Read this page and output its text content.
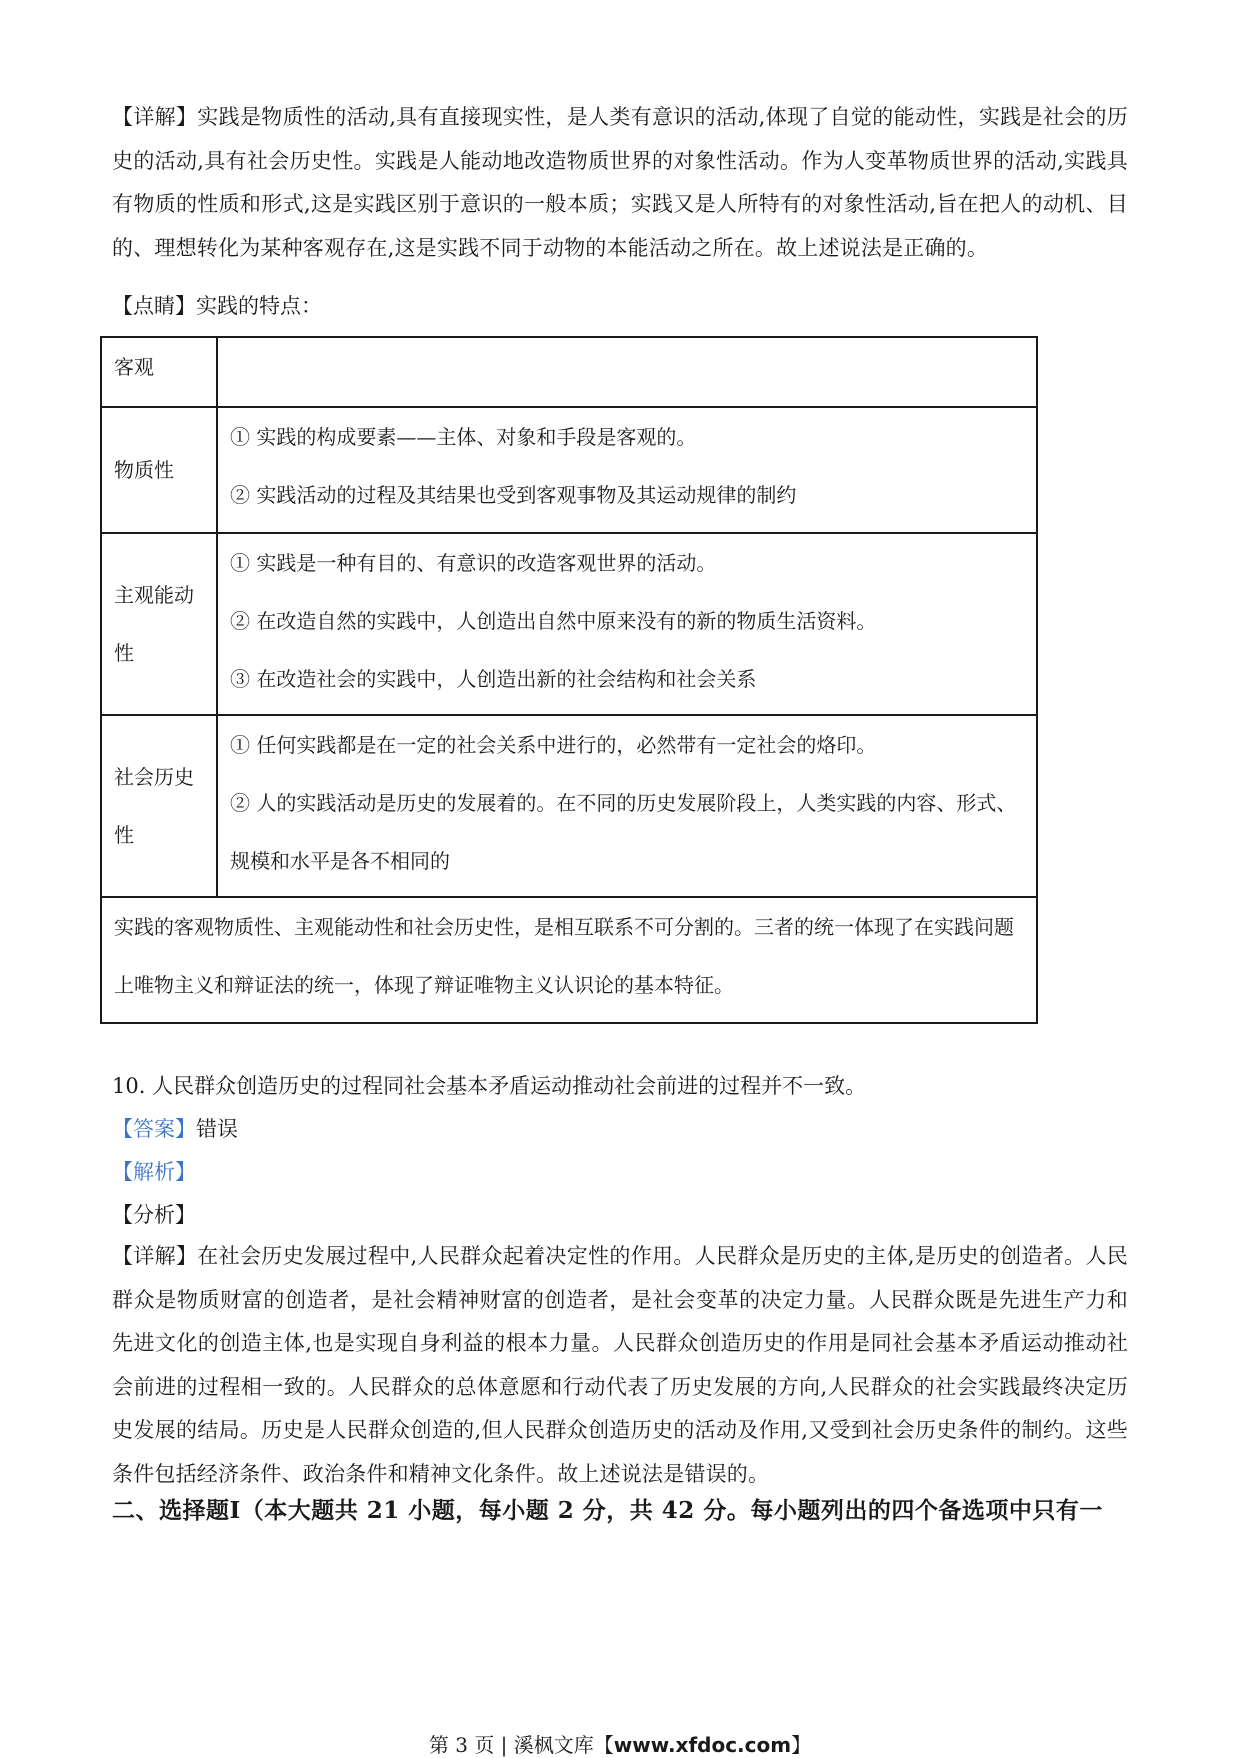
【详解】实践是物质性的活动,具有直接现实性，是人类有意识的活动,体现了自觉的能动性，实践是社会的历史的活动,具有社会历史性。实践是人能动地改造物质世界的对象性活动。作为人变革物质世界的活动,实践具有物质的性质和形式,这是实践区别于意识的一般本质；实践又是人所特有的对象性活动,旨在把人的动机、目的、理想转化为某种客观存在,这是实践不同于动物的本能活动之所在。故上述说法是正确的。
【点睛】实践的特点：
客观	
物质性	① 实践的构成要素——主体、对象和手段是客观的。

② 实践活动的过程及其结果也受到客观事物及其运动规律的制约

主观能动性	① 实践是一种有目的、有意识的改造客观世界的活动。

② 在改造自然的实践中，人创造出自然中原来没有的新的物质生活资料。

③ 在改造社会的实践中，人创造出新的社会结构和社会关系

社会历史性	① 任何实践都是在一定的社会关系中进行的，必然带有一定社会的烙印。

② 人的实践活动是历史的发展着的。在不同的历史发展阶段上，人类实践的内容、形式、规模和水平是各不相同的

实践的客观物质性、主观能动性和社会历史性，是相互联系不可分割的。三者的统一体现了在实践问题上唯物主义和辩证法的统一，体现了辩证唯物主义认识论的基本特征。	
10. 人民群众创造历史的过程同社会基本矛盾运动推动社会前进的过程并不一致。
【答案】错误
【解析】
【分析】
【详解】在社会历史发展过程中,人民群众起着决定性的作用。人民群众是历史的主体,是历史的创造者。人民群众是物质财富的创造者，是社会精神财富的创造者，是社会变革的决定力量。人民群众既是先进生产力和先进文化的创造主体,也是实现自身利益的根本力量。人民群众创造历史的作用是同社会基本矛盾运动推动社会前进的过程相一致的。人民群众的总体意愿和行动代表了历史发展的方向,人民群众的社会实践最终决定历史发展的结局。历史是人民群众创造的,但人民群众创造历史的活动及作用,又受到社会历史条件的制约。这些条件包括经济条件、政治条件和精神文化条件。故上述说法是错误的。
二、选择题Ⅰ（本大题共 21 小题，每小题 2 分，共 42 分。每小题列出的四个备选项中只有一
第 3 页 | 溪枫文库【www.xfdoc.com】
